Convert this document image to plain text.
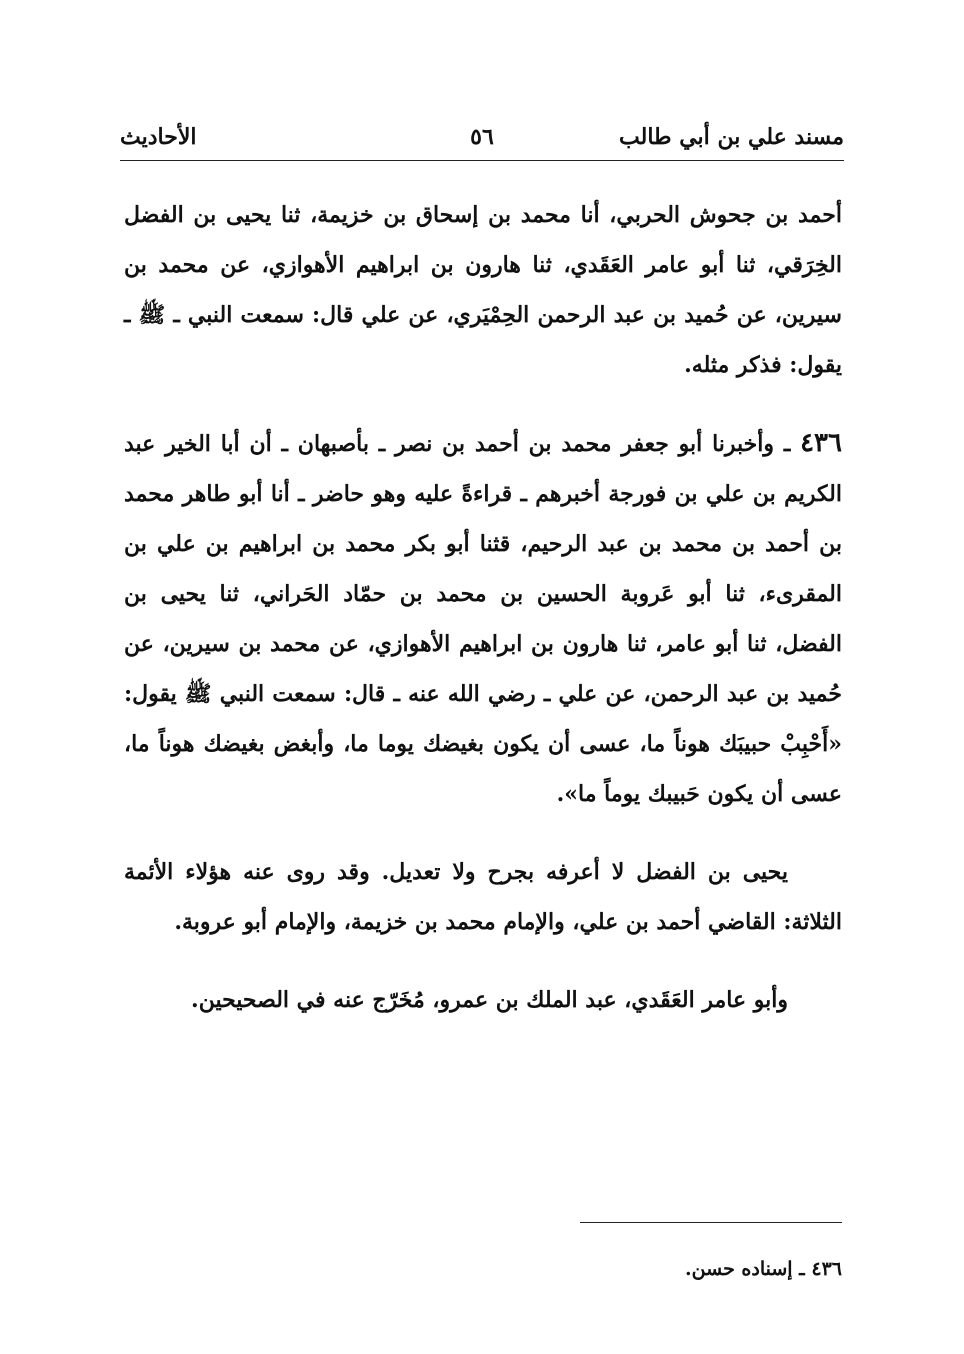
مسند علي بن أبي طالب
٥٦
الأحاديث

أحمد بن جحوش الحربي، أنا محمد بن إسحاق بن خزيمة، ثنا يحيى بن الفضل الخِرَقي، ثنا أبو عامر العَقَدي، ثنا هارون بن ابراهيم الأهوازي، عن محمد بن سيرين، عن حُميد بن عبد الرحمن الحِمْيَري، عن علي قال: سمعت النبي ـ ﷺ ـ يقول: فذكر مثله.

٤٣٦ ـ وأخبرنا أبو جعفر محمد بن أحمد بن نصر ـ بأصبهان ـ أن أبا الخير عبد الكريم بن علي بن فورجة أخبرهم ـ قراءةً عليه وهو حاضر ـ أنا أبو طاهر محمد بن أحمد بن محمد بن عبد الرحيم، قثنا أبو بكر محمد بن ابراهيم بن علي بن المقرىء، ثنا أبو عَروبة الحسين بن محمد بن حمّاد الحَراني، ثنا يحيى بن الفضل، ثنا أبو عامر، ثنا هارون بن ابراهيم الأهوازي، عن محمد بن سيرين، عن حُميد بن عبد الرحمن، عن علي ـ رضي الله عنه ـ قال: سمعت النبي ﷺ يقول: «أَحْبِبْ حبيبَك هوناً ما، عسى أن يكون بغيضك يوما ما، وأبغض بغيضك هوناً ما، عسى أن يكون حَبيبك يوماً ما».

يحيى بن الفضل لا أعرفه بجرح ولا تعديل. وقد روى عنه هؤلاء الأئمة الثلاثة: القاضي أحمد بن علي، والإمام محمد بن خزيمة، والإمام أبو عروبة.

وأبو عامر العَقَدي، عبد الملك بن عمرو، مُخَرّج عنه في الصحيحين.

٤٣٦ ـ إسناده حسن.
